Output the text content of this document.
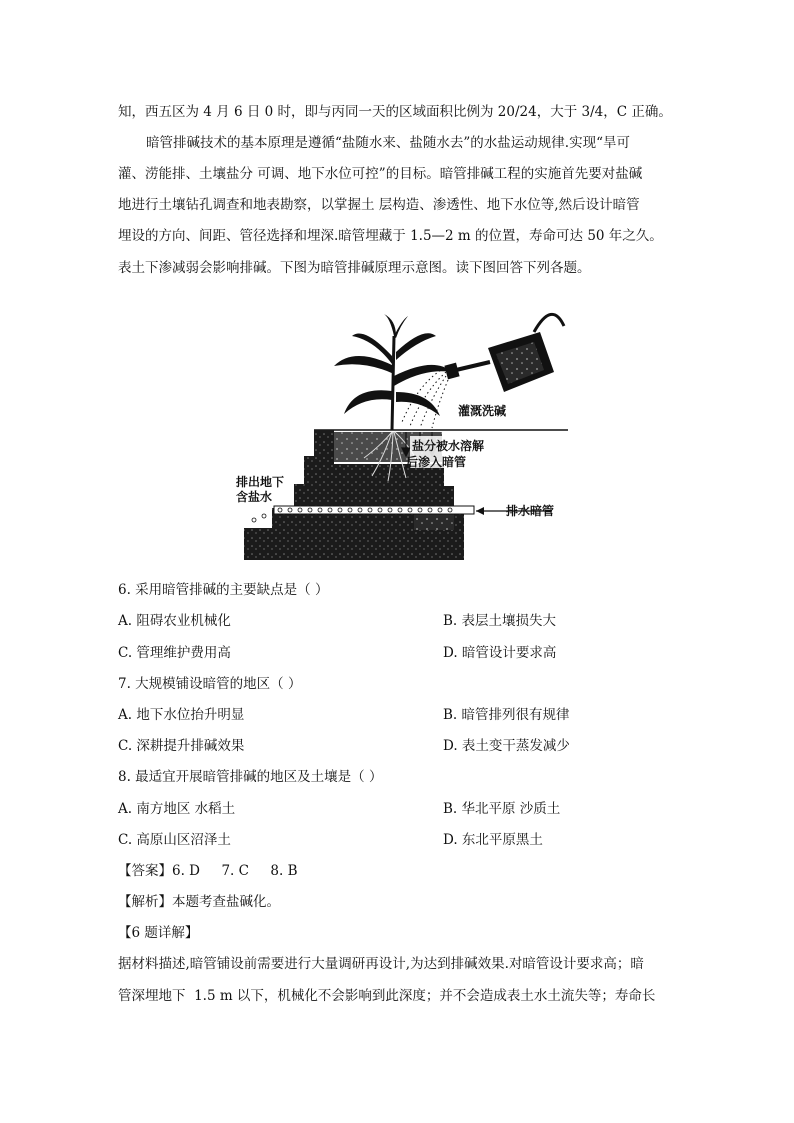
知，西五区为 4 月 6 日 0 时，即与丙同一天的区域面积比例为 20/24，大于 3/4，C 正确。
暗管排碱技术的基本原理是遵循“盐随水来、盐随水去”的水盐运动规律.实现“旱可
灌、涝能排、土壤盐分 可调、地下水位可控”的目标。暗管排碱工程的实施首先要对盐碱
地进行土壤钻孔调查和地表勘察，以掌握土 层构造、渗透性、地下水位等,然后设计暗管
埋设的方向、间距、管径选择和埋深.暗管埋藏于 1.5—2 m 的位置，寿命可达 50 年之久。
表土下渗减弱会影响排碱。下图为暗管排碱原理示意图。读下图回答下列各题。
灌溉洗碱
盐分被水溶解
后渗入暗管
排出地下
含盐水
排水暗管
6. 采用暗管排碱的主要缺点是（ ）
A. 阻碍农业机械化	B. 表层土壤损失大
C. 管理维护费用高	D. 暗管设计要求高
7. 大规模铺设暗管的地区（ ）
A. 地下水位抬升明显	B. 暗管排列很有规律
C. 深耕提升排碱效果	D. 表土变干蒸发减少
8. 最适宜开展暗管排碱的地区及土壤是（ ）
A. 南方地区 水稻土	B. 华北平原 沙质土
C. 高原山区沼泽土	D. 东北平原黑土
【答案】6. D     7. C     8. B
【解析】本题考查盐碱化。
【6 题详解】
据材料描述,暗管铺设前需要进行大量调研再设计,为达到排碱效果.对暗管设计要求高；暗
管深埋地下  1.5 m 以下，机械化不会影响到此深度；并不会造成表土水土流失等；寿命长
